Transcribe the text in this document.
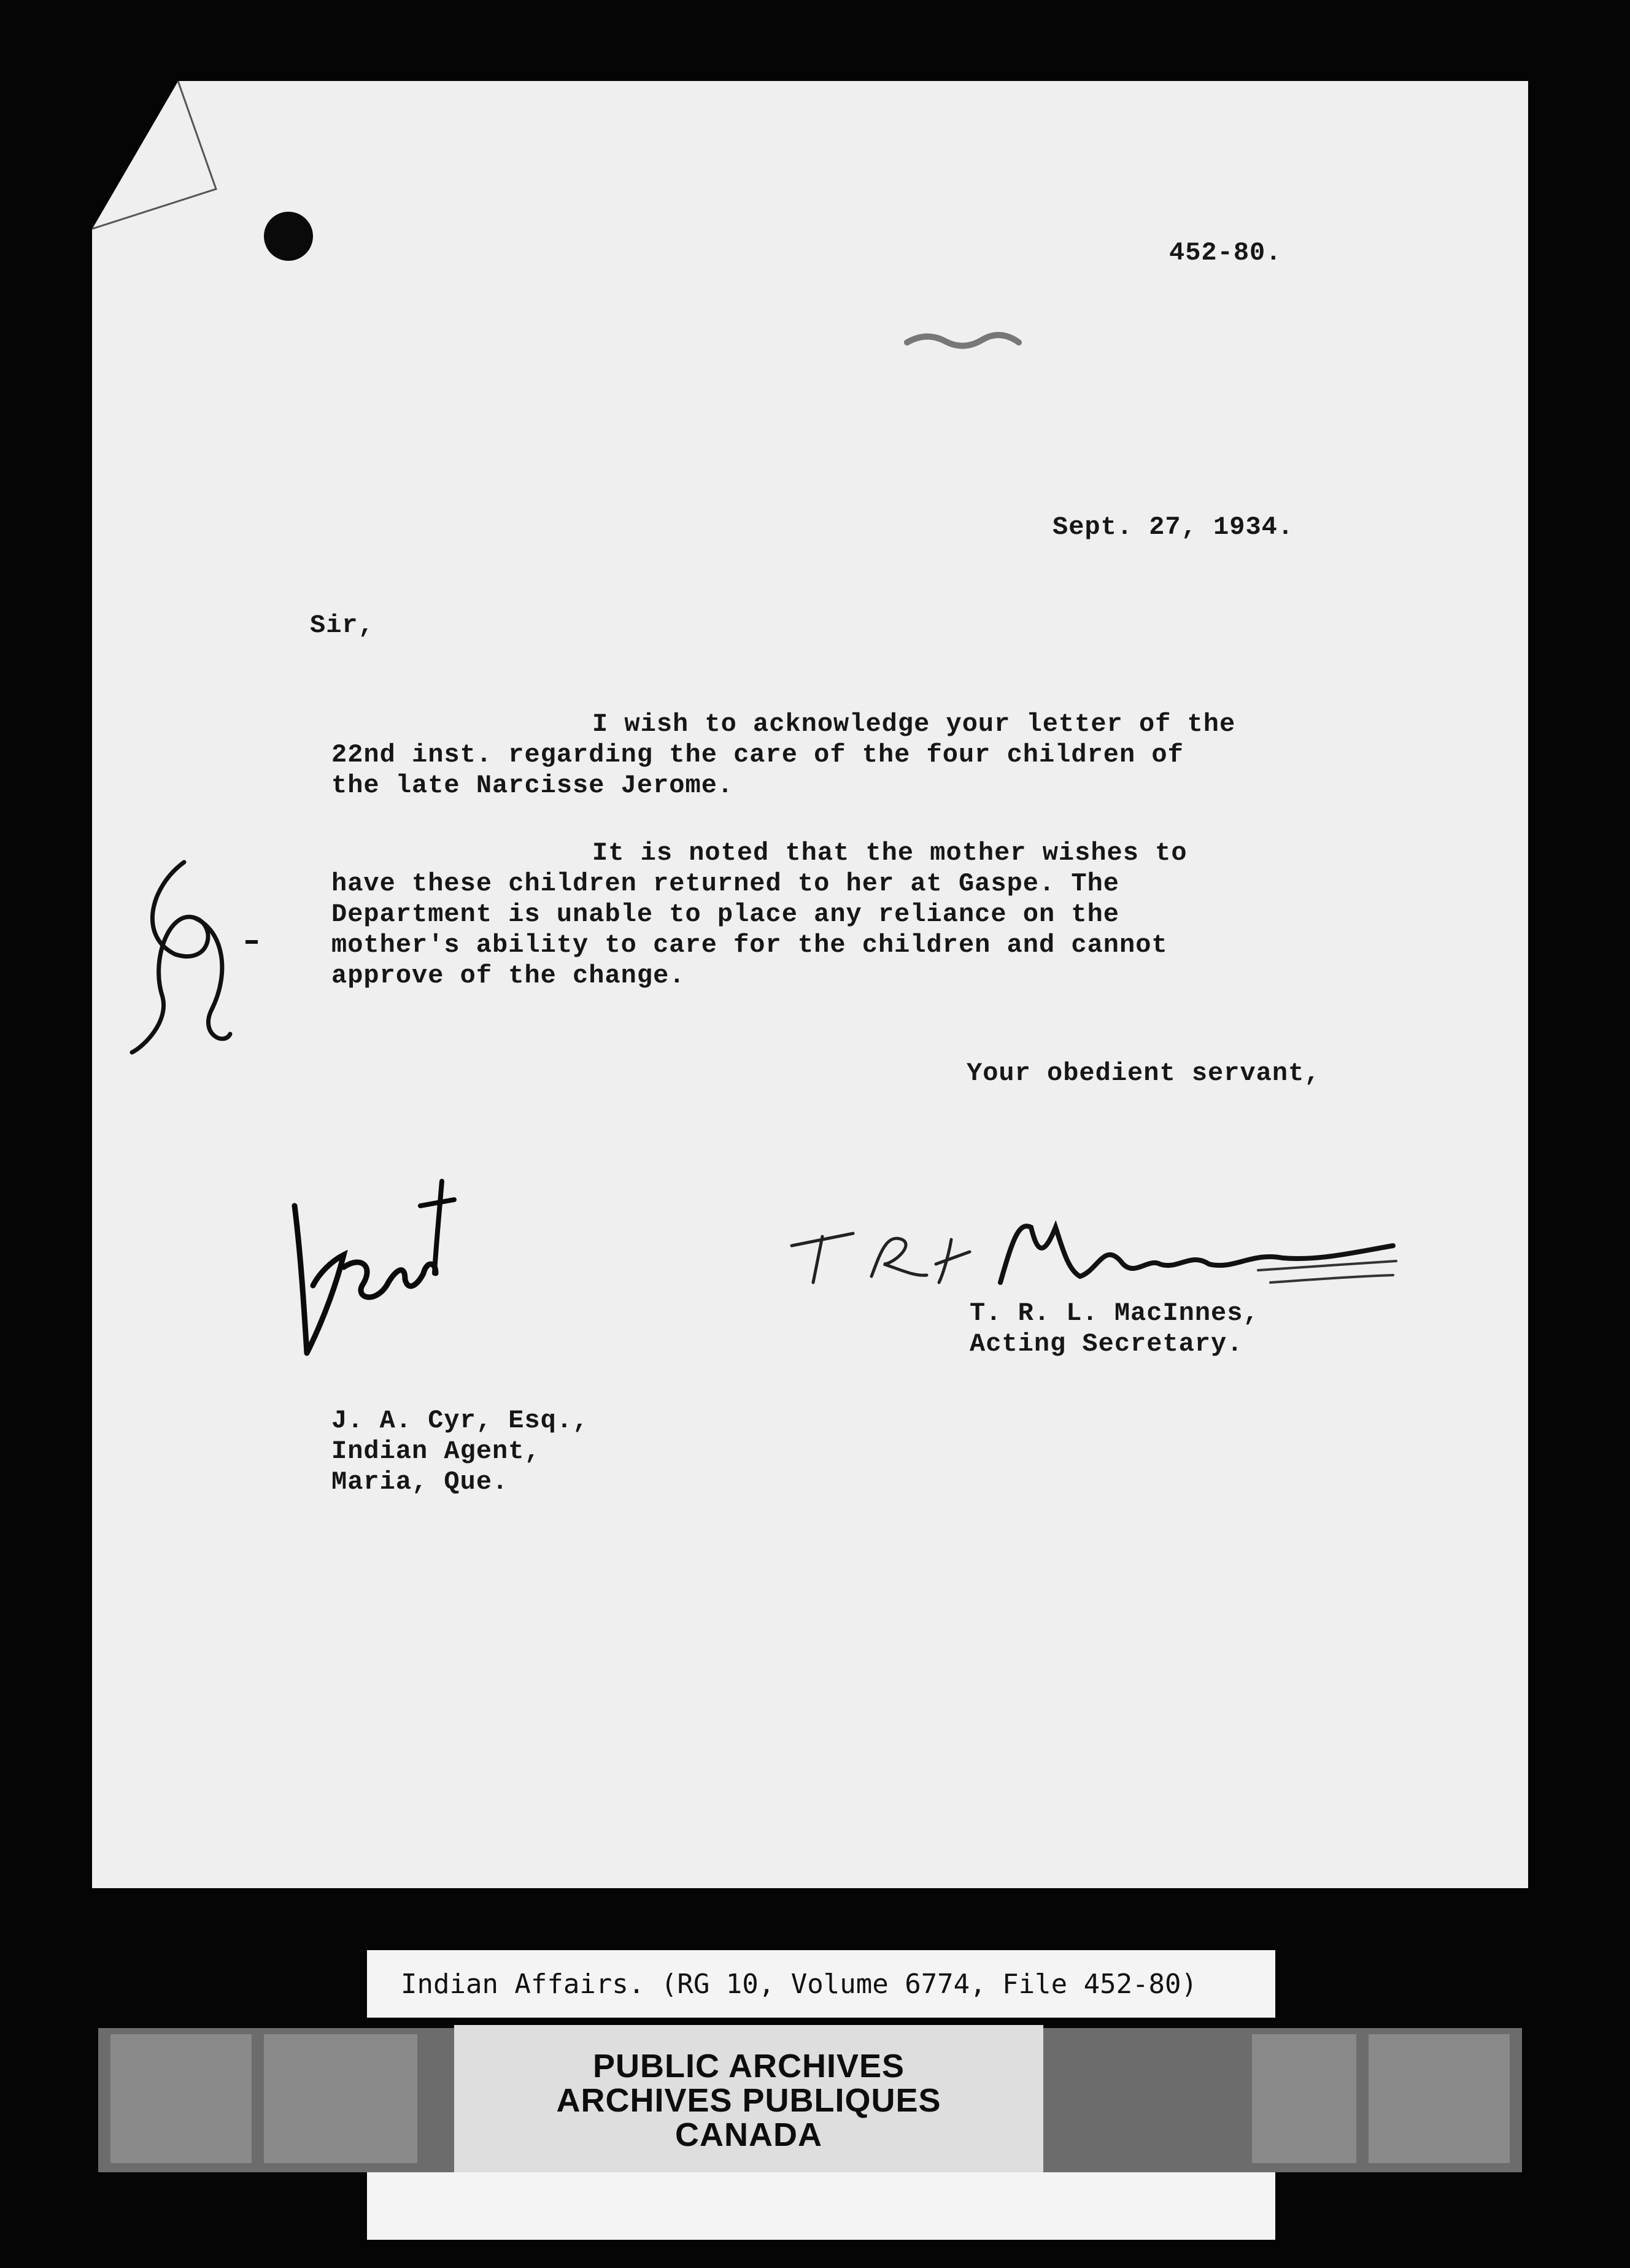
452-80.
Sept. 27, 1934.
Sir,
I wish to acknowledge your letter of the
22nd inst. regarding the care of the four children of
the late Narcisse Jerome.
It is noted that the mother wishes to
have these children returned to her at Gaspe. The
Department is unable to place any reliance on the
mother's ability to care for the children and cannot
approve of the change.
Your obedient servant,
T. R. L. MacInnes,
Acting Secretary.
J. A. Cyr, Esq.,
Indian Agent,
Maria, Que.
Indian Affairs. (RG 10, Volume 6774, File 452-80)
PUBLIC ARCHIVES
ARCHIVES PUBLIQUES
CANADA
